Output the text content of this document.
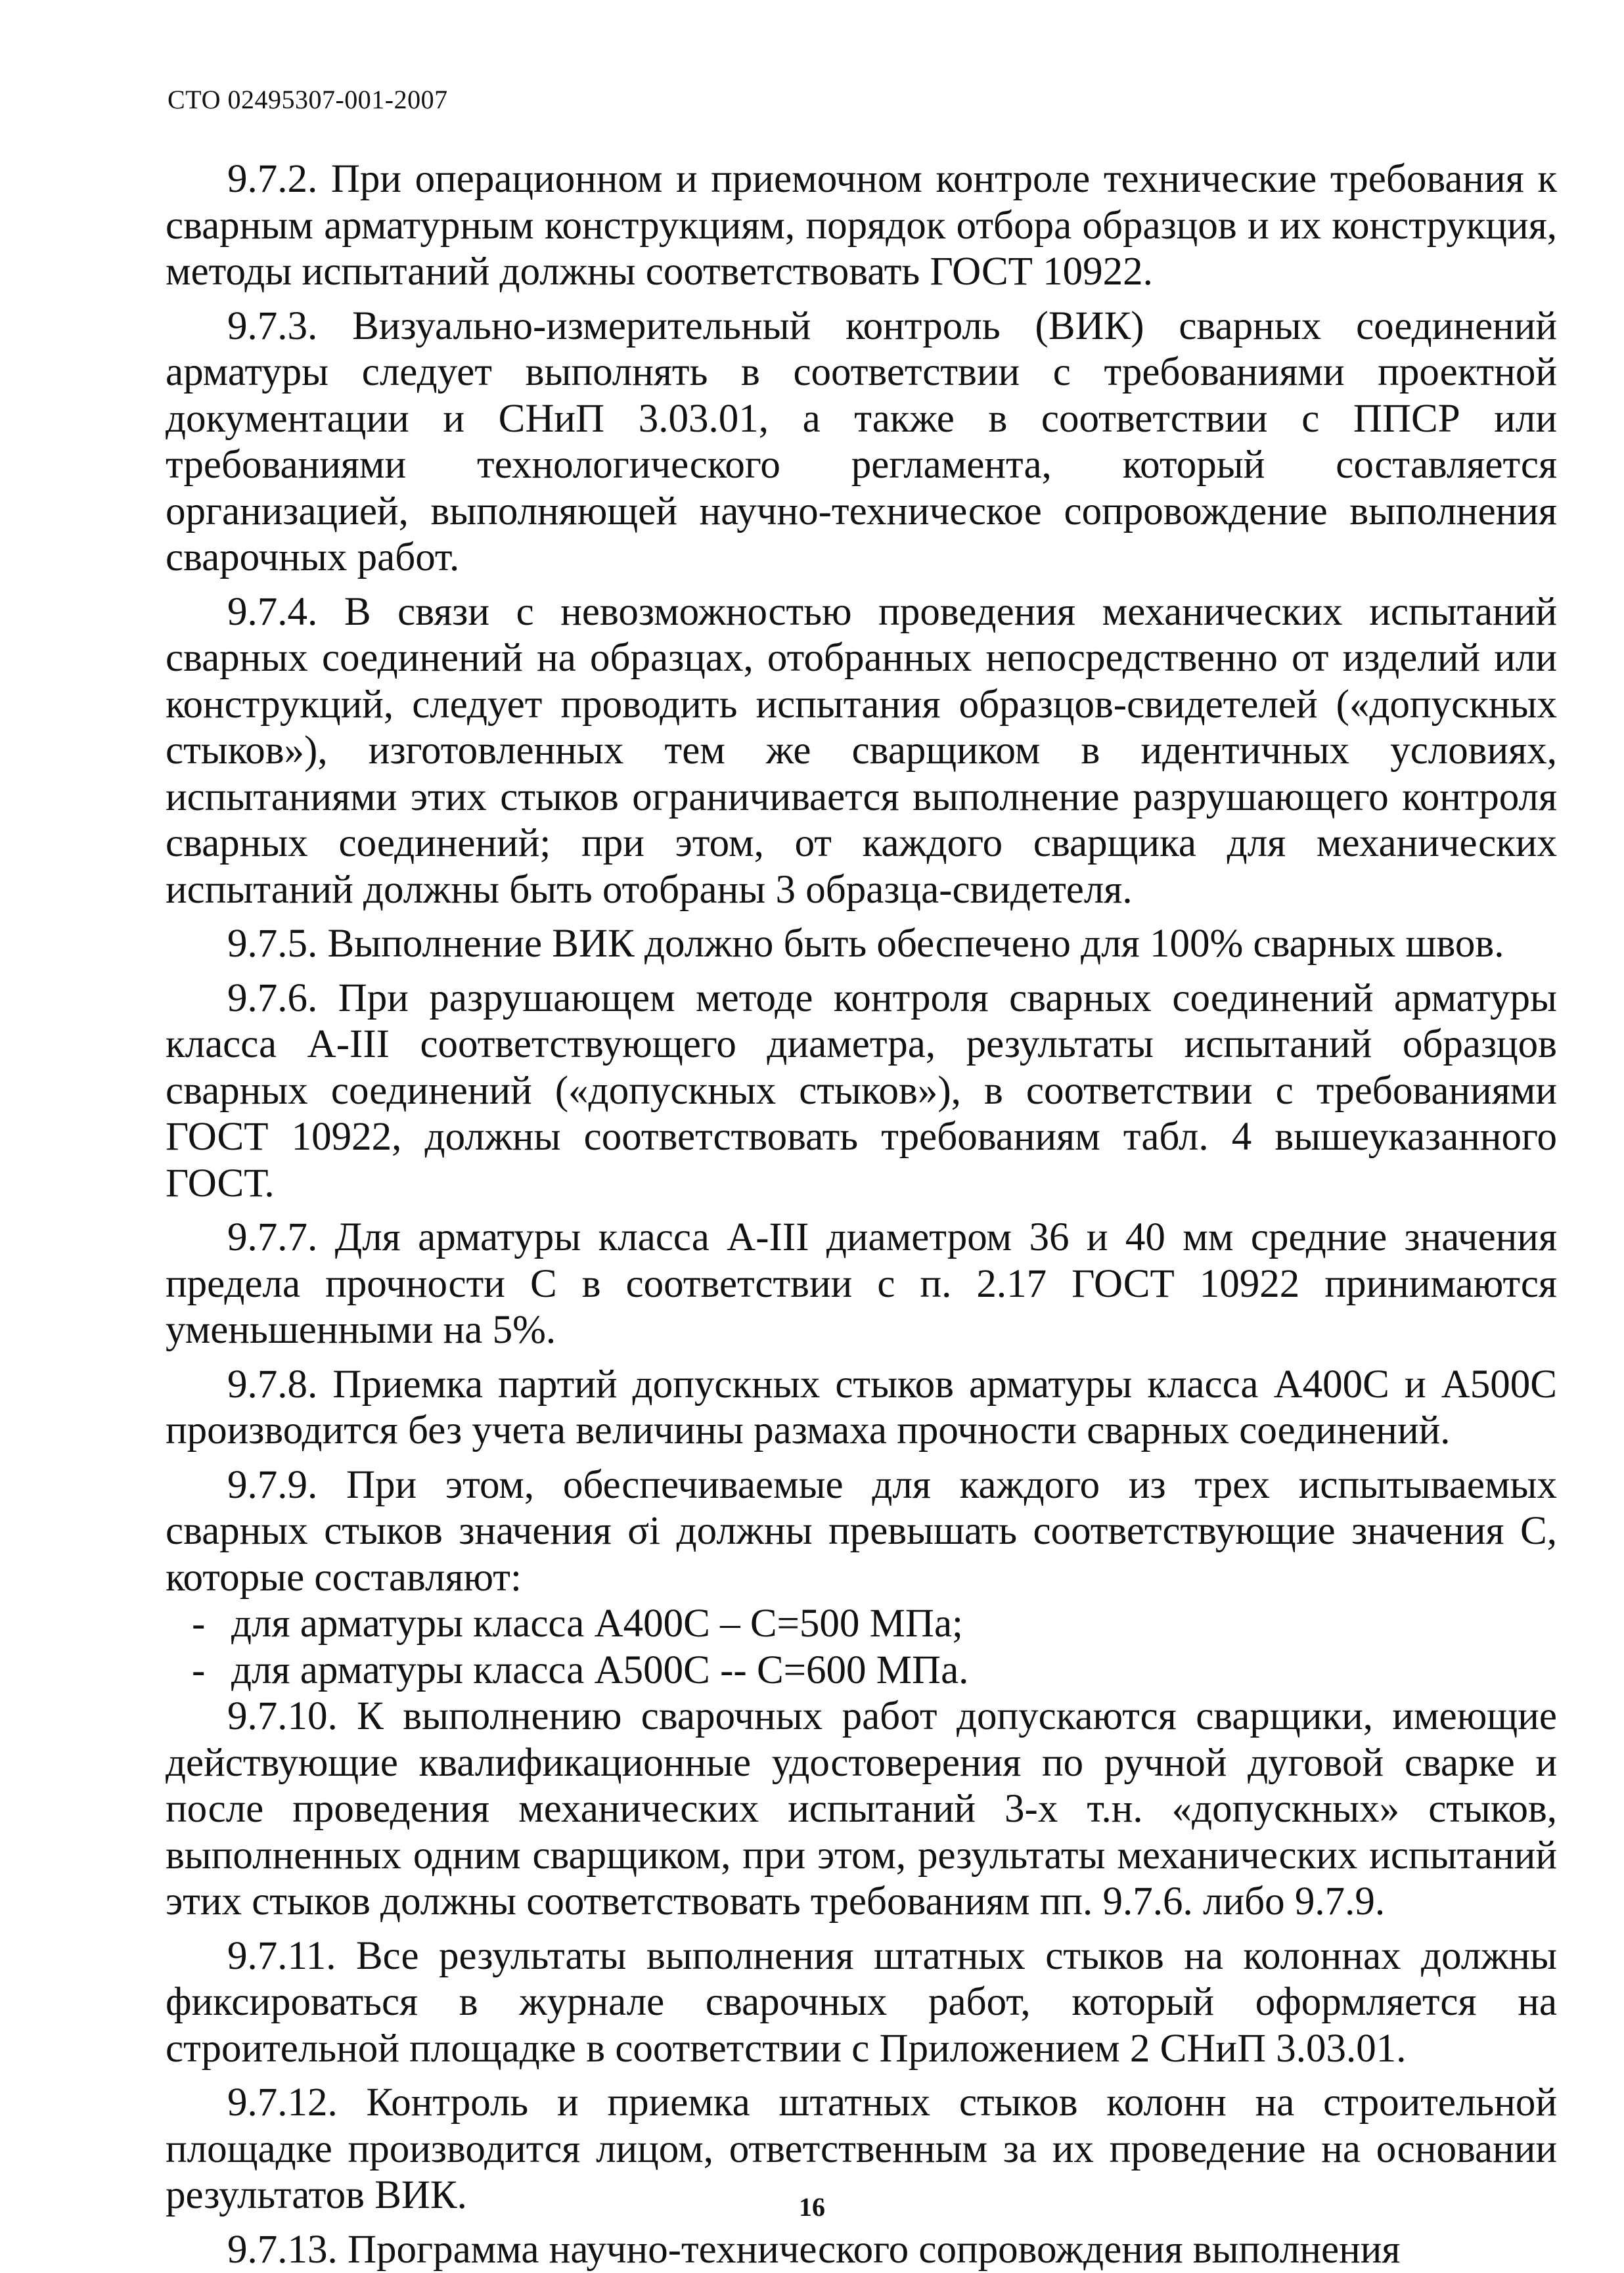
СТО 02495307-001-2007

9.7.2. При операционном и приемочном контроле технические требования к сварным арматурным конструкциям, порядок отбора образцов и их конструкция, методы испытаний должны соответствовать ГОСТ 10922.

9.7.3. Визуально-измерительный контроль (ВИК) сварных соединений арматуры следует выполнять в соответствии с требованиями проектной документации и СНиП 3.03.01, а также в соответствии с ППСР или требованиями технологического регламента, который составляется организацией, выполняющей научно-техническое сопровождение выполнения сварочных работ.

9.7.4. В связи с невозможностью проведения механических испытаний сварных соединений на образцах, отобранных непосредственно от изделий или конструкций, следует проводить испытания образцов-свидетелей («допускных стыков»), изготовленных тем же сварщиком в идентичных условиях, испытаниями этих стыков ограничивается выполнение разрушающего контроля сварных соединений; при этом, от каждого сварщика для механических испытаний должны быть отобраны 3 образца-свидетеля.

9.7.5. Выполнение ВИК должно быть обеспечено для 100% сварных швов.

9.7.6. При разрушающем методе контроля сварных соединений арматуры класса А-III соответствующего диаметра, результаты испытаний образцов сварных соединений («допускных стыков»), в соответствии с требованиями ГОСТ 10922, должны соответствовать требованиям табл. 4 вышеуказанного ГОСТ.

9.7.7. Для арматуры класса А-III диаметром 36 и 40 мм средние значения предела прочности С в соответствии с п. 2.17 ГОСТ 10922 принимаются уменьшенными на 5%.

9.7.8. Приемка партий допускных стыков арматуры класса А400С и А500С производится без учета величины размаха прочности сварных соединений.

9.7.9. При этом, обеспечиваемые для каждого из трех испытываемых сварных стыков значения σі должны превышать соответствующие значения С, которые составляют:

- для арматуры класса А400С – С=500 МПа;

- для арматуры класса А500С -- С=600 МПа.

9.7.10. К выполнению сварочных работ допускаются сварщики, имеющие действующие квалификационные удостоверения по ручной дуговой сварке и после проведения механических испытаний 3-х т.н. «допускных» стыков, выполненных одним сварщиком, при этом, результаты механических испытаний этих стыков должны соответствовать требованиям пп. 9.7.6. либо 9.7.9.

9.7.11. Все результаты выполнения штатных стыков на колоннах должны фиксироваться в журнале сварочных работ, который оформляется на строительной площадке в соответствии с Приложением 2 СНиП 3.03.01.

9.7.12. Контроль и приемка штатных стыков колонн на строительной площадке производится лицом, ответственным за их проведение на основании результатов ВИК.

9.7.13. Программа научно-технического сопровождения выполнения

16
